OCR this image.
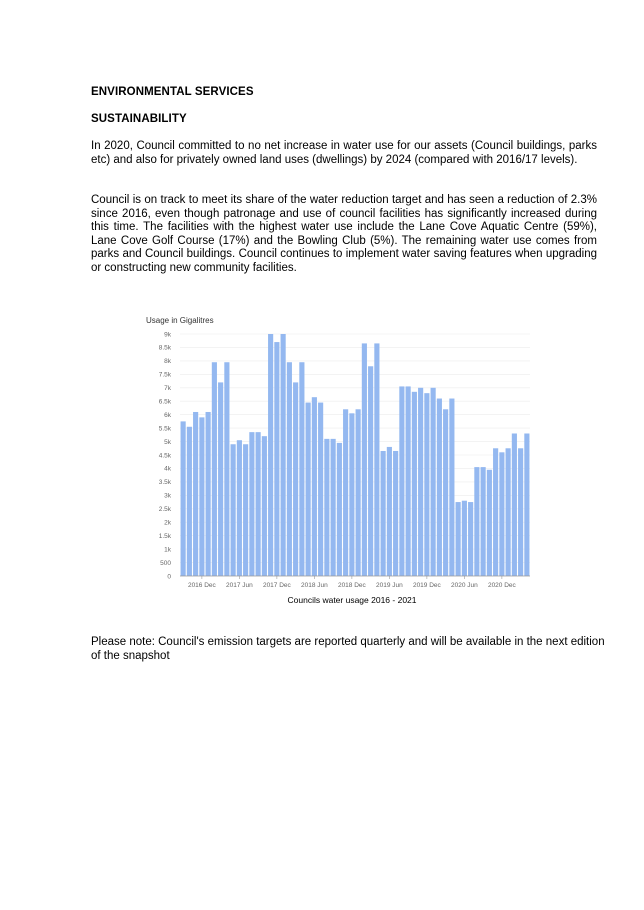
ENVIRONMENTAL SERVICES

SUSTAINABILITY

In 2020, Council committed to no net increase in water use for our assets (Council buildings, parks etc) and also for privately owned land uses (dwellings) by 2024 (compared with 2016/17 levels).

Council is on track to meet its share of the water reduction target and has seen a reduction of 2.3% since 2016, even though patronage and use of council facilities has significantly increased during this time. The facilities with the highest water use include the Lane Cove Aquatic Centre (59%), Lane Cove Golf Course (17%) and the Bowling Club (5%). The remaining water use comes from parks and Council buildings. Council continues to implement water saving features when upgrading or constructing new community facilities.

0
500
1k
1.5k
2k
2.5k
3k
3.5k
4k
4.5k
5k
5.5k
6k
6.5k
7k
7.5k
8k
8.5k
9k
2016 Dec 2017 Jun 2017 Dec 2018 Jun 2018 Dec 2019 Jun 2019 Dec 2020 Jun 2020 Dec
Usage in Gigalitres
Councils water usage 2016 - 2021

Please note: Council's emission targets are reported quarterly and will be available in the next edition of the snapshot
